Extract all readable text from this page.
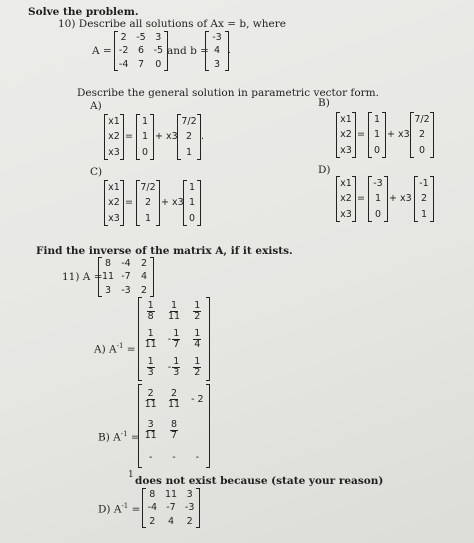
Solve the problem.
10) Describe all solutions of Ax = b, where
A =
2 -5 3
-2 6 -5
-4 7 0
and b =
-3
4
3
.
Describe the general solution in parametric vector form.
A)
x1
x2
x3
=
1
1
0
+ x3
7/2
2
1
.
B)
x1
x2
x3
=
1
1
0
+ x3
7/2
2
0
C)
x1
x2
x3
=
7/2
2
1
+ x3
1
1
0
D)
x1
x2
x3
=
-3
1
0
+ x3
-1
2
1
Find the inverse of the matrix A, if it exists.
11) A =
8 -4 2
11 -7 4
3 -3 2
A) $A^{-1}$ =
$\frac{1}{8} \frac{1}{11} \frac{1}{2}$
$\frac{1}{11} - \frac{1}{7} \frac{1}{4}$
$\frac{1}{3} - \frac{1}{3} \frac{1}{2}$
B) $A^{-1}$ =
$\frac{2}{11} \frac{2}{11} - 2$
$\frac{3}{11} \frac{8}{7}$
- - -
1 does not exist because (state your reason)
D) $A^{-1}$ =
8 11 3
-4 -7 -3
2 4 2
